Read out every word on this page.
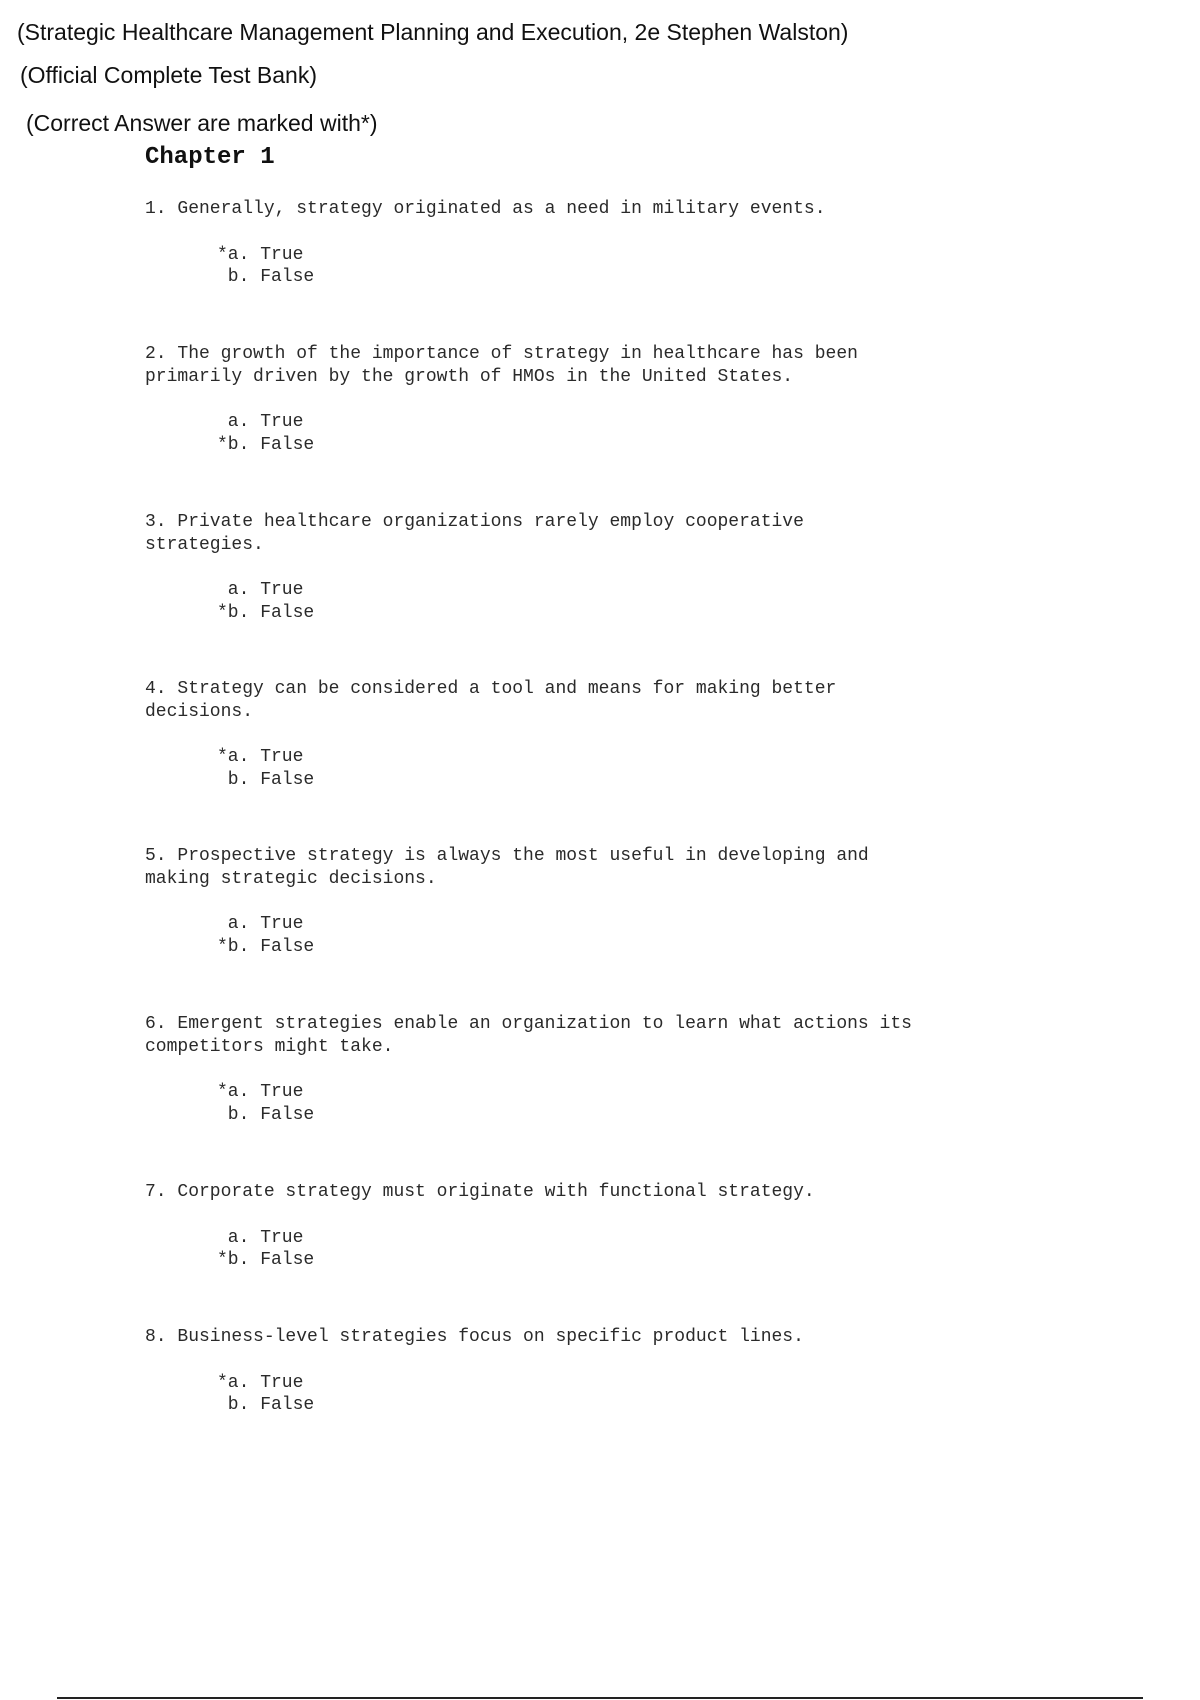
(Strategic Healthcare Management Planning and Execution, 2e Stephen Walston)
(Official Complete Test Bank)
(Correct Answer are marked with*)
Chapter 1

1. Generally, strategy originated as a need in military events.

*a. True
b. False

2. The growth of the importance of strategy in healthcare has been
primarily driven by the growth of HMOs in the United States.

a. True
*b. False

3. Private healthcare organizations rarely employ cooperative
strategies.

a. True
*b. False

4. Strategy can be considered a tool and means for making better
decisions.

*a. True
b. False

5. Prospective strategy is always the most useful in developing and
making strategic decisions.

a. True
*b. False

6. Emergent strategies enable an organization to learn what actions its
competitors might take.

*a. True
b. False

7. Corporate strategy must originate with functional strategy.

a. True
*b. False

8. Business-level strategies focus on specific product lines.

*a. True
b. False
